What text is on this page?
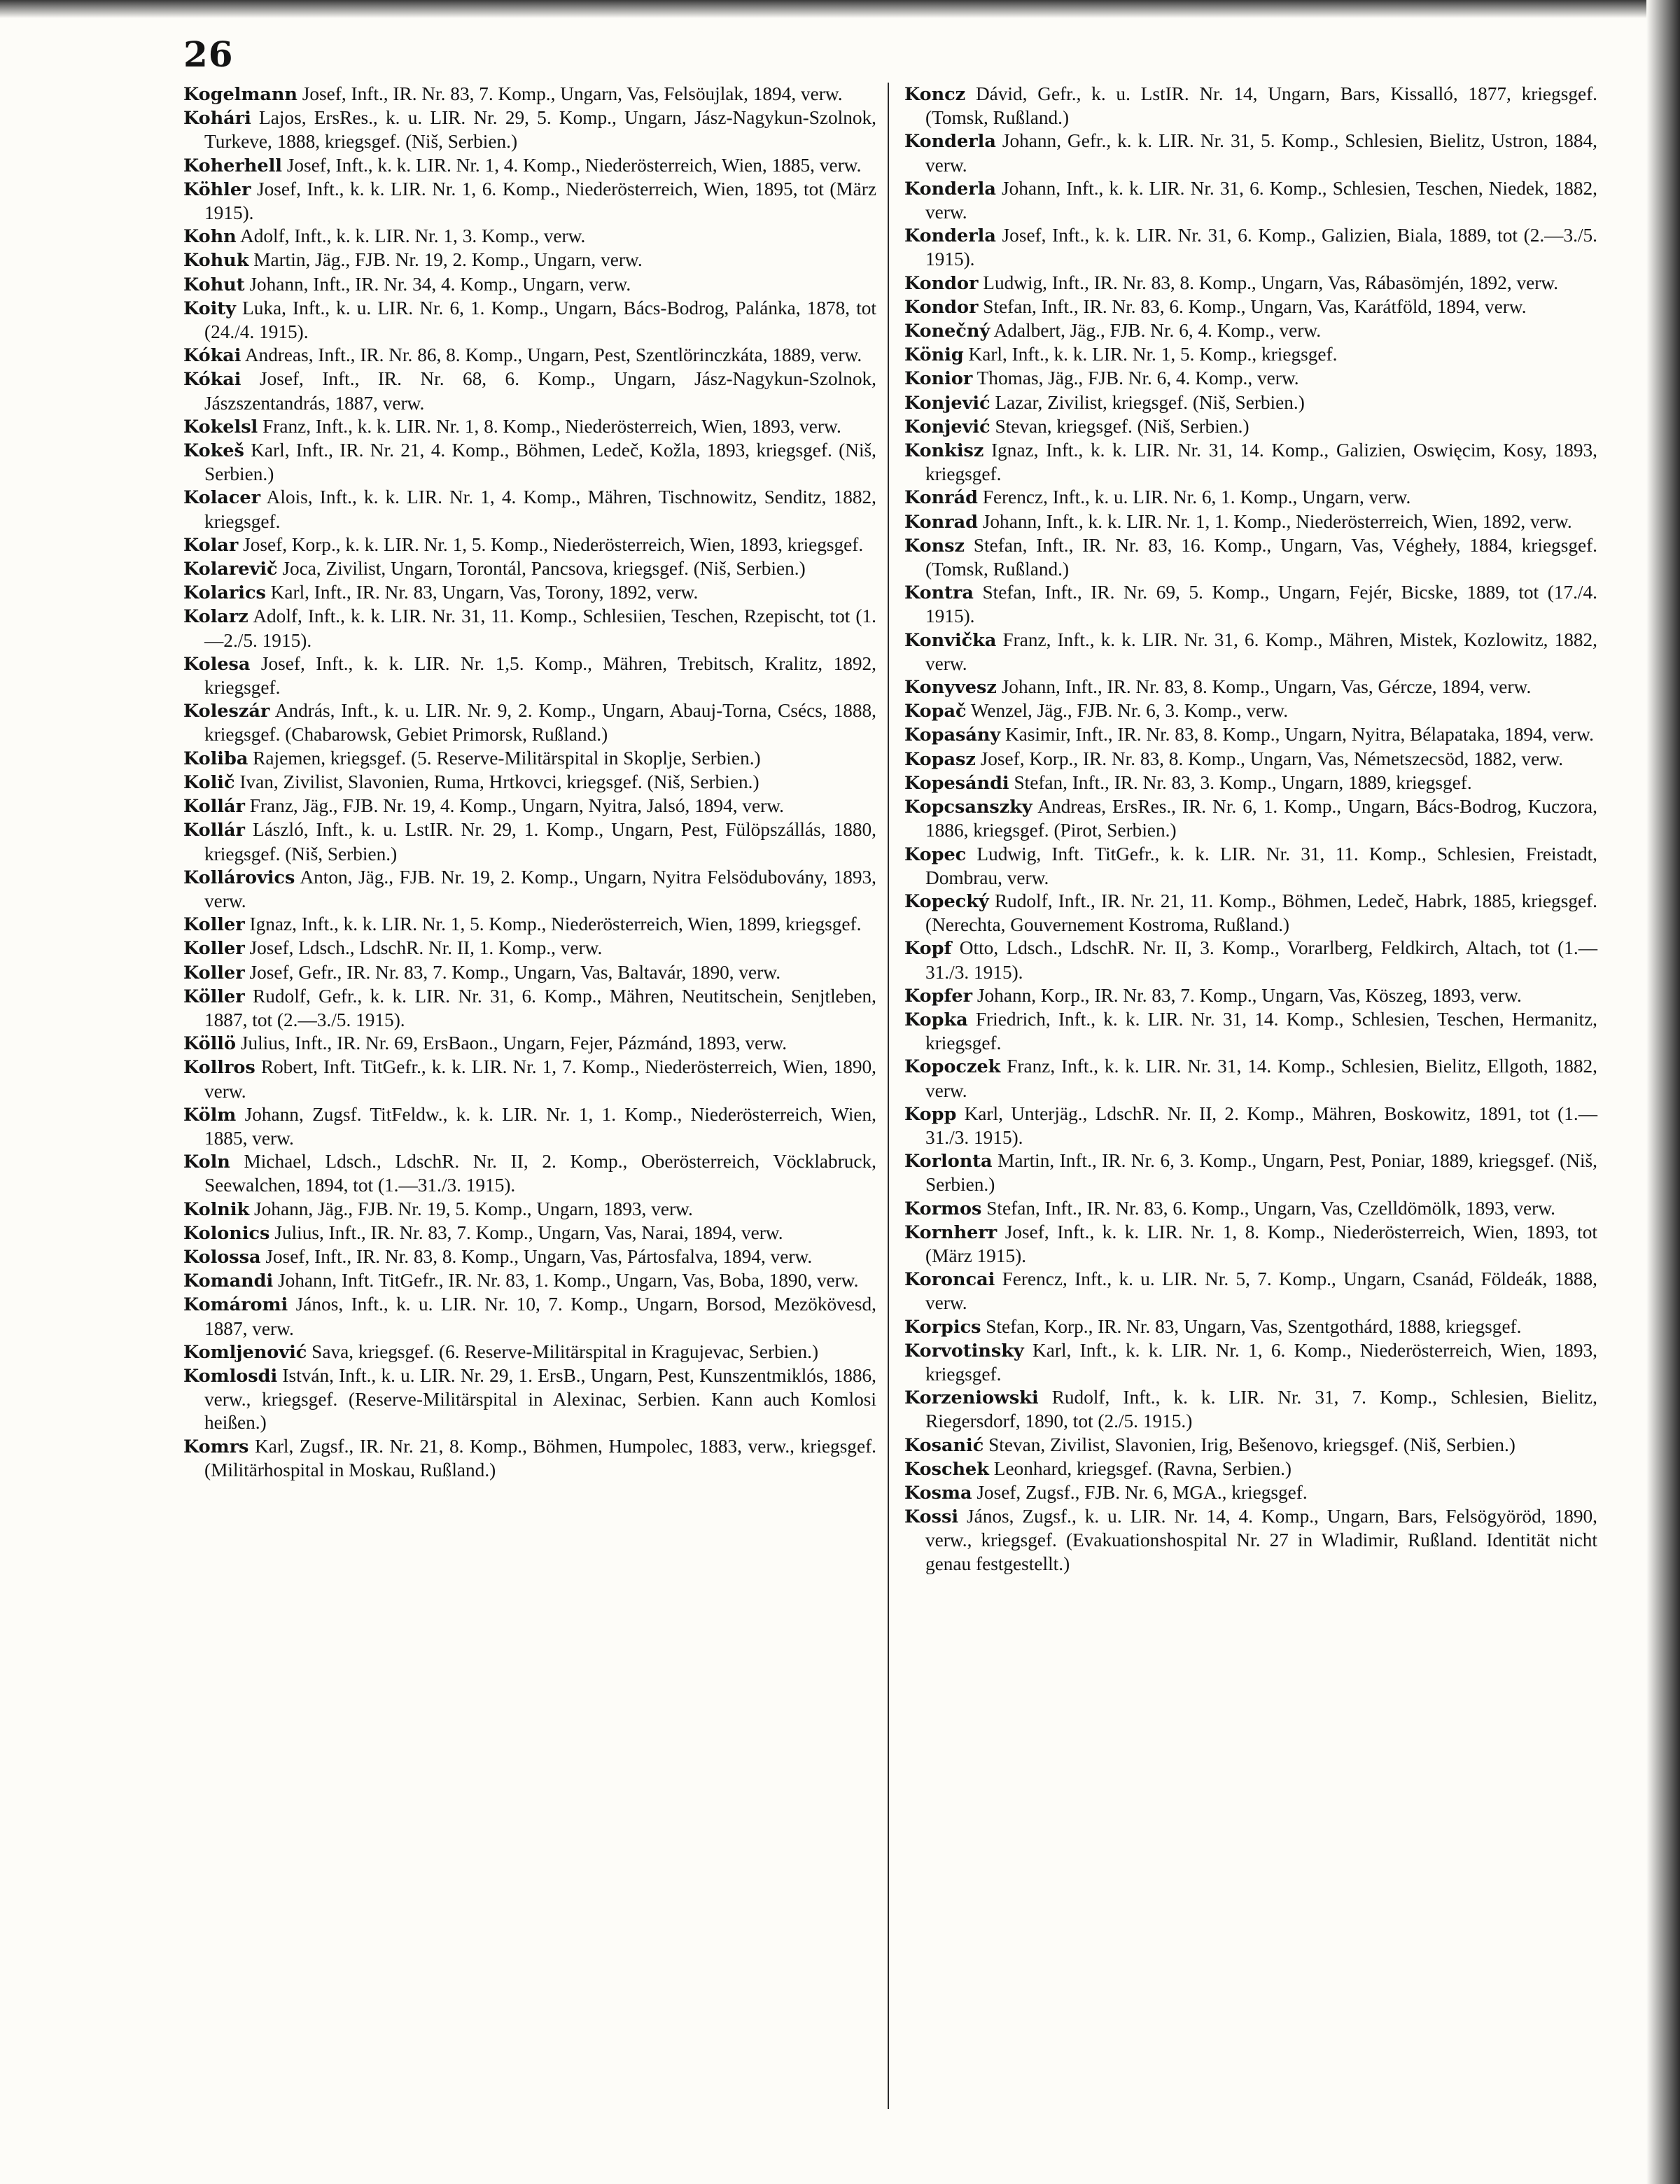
26

Kogelmann Josef, Inft., IR. Nr. 83, 7. Komp., Ungarn, Vas, Felsöujlak, 1894, verw.

Kohári Lajos, ErsRes., k. u. LIR. Nr. 29, 5. Komp., Ungarn, Jász-Nagykun-Szolnok, Turkeve, 1888, kriegsgef. (Niš, Serbien.)

Koherhell Josef, Inft., k. k. LIR. Nr. 1, 4. Komp., Niederösterreich, Wien, 1885, verw.

Köhler Josef, Inft., k. k. LIR. Nr. 1, 6. Komp., Niederösterreich, Wien, 1895, tot (März 1915).

Kohn Adolf, Inft., k. k. LIR. Nr. 1, 3. Komp., verw.

Kohuk Martin, Jäg., FJB. Nr. 19, 2. Komp., Ungarn, verw.

Kohut Johann, Inft., IR. Nr. 34, 4. Komp., Ungarn, verw.

Koity Luka, Inft., k. u. LIR. Nr. 6, 1. Komp., Ungarn, Bács-Bodrog, Palánka, 1878, tot (24./4. 1915).

Kókai Andreas, Inft., IR. Nr. 86, 8. Komp., Ungarn, Pest, Szentlörinczkáta, 1889, verw.

Kókai Josef, Inft., IR. Nr. 68, 6. Komp., Ungarn, Jász-Nagykun-Szolnok, Jászszentandrás, 1887, verw.

Kokelsl Franz, Inft., k. k. LIR. Nr. 1, 8. Komp., Niederösterreich, Wien, 1893, verw.

Kokeš Karl, Inft., IR. Nr. 21, 4. Komp., Böhmen, Ledeč, Kožla, 1893, kriegsgef. (Niš, Serbien.)

Kolacer Alois, Inft., k. k. LIR. Nr. 1, 4. Komp., Mähren, Tischnowitz, Senditz, 1882, kriegsgef.

Kolar Josef, Korp., k. k. LIR. Nr. 1, 5. Komp., Niederösterreich, Wien, 1893, kriegsgef.

Kolarevič Joca, Zivilist, Ungarn, Torontál, Pancsova, kriegsgef. (Niš, Serbien.)

Kolarics Karl, Inft., IR. Nr. 83, Ungarn, Vas, Torony, 1892, verw.

Kolarz Adolf, Inft., k. k. LIR. Nr. 31, 11. Komp., Schlesiien, Teschen, Rzepischt, tot (1.—2./5. 1915).

Kolesa Josef, Inft., k. k. LIR. Nr. 1,5. Komp., Mähren, Trebitsch, Kralitz, 1892, kriegsgef.

Koleszár András, Inft., k. u. LIR. Nr. 9, 2. Komp., Ungarn, Abauj-Torna, Csécs, 1888, kriegsgef. (Chabarowsk, Gebiet Primorsk, Rußland.)

Koliba Rajemen, kriegsgef. (5. Reserve-Militärspital in Skoplje, Serbien.)

Količ Ivan, Zivilist, Slavonien, Ruma, Hrtkovci, kriegsgef. (Niš, Serbien.)

Kollár Franz, Jäg., FJB. Nr. 19, 4. Komp., Ungarn, Nyitra, Jalsó, 1894, verw.

Kollár László, Inft., k. u. LstIR. Nr. 29, 1. Komp., Ungarn, Pest, Fülöpszállás, 1880, kriegsgef. (Niš, Serbien.)

Kollárovics Anton, Jäg., FJB. Nr. 19, 2. Komp., Ungarn, Nyitra Felsödubovány, 1893, verw.

Koller Ignaz, Inft., k. k. LIR. Nr. 1, 5. Komp., Niederösterreich, Wien, 1899, kriegsgef.

Koller Josef, Ldsch., LdschR. Nr. II, 1. Komp., verw.

Koller Josef, Gefr., IR. Nr. 83, 7. Komp., Ungarn, Vas, Baltavár, 1890, verw.

Köller Rudolf, Gefr., k. k. LIR. Nr. 31, 6. Komp., Mähren, Neutitschein, Senjtleben, 1887, tot (2.—3./5. 1915).

Köllö Julius, Inft., IR. Nr. 69, ErsBaon., Ungarn, Fejer, Pázmánd, 1893, verw.

Kollros Robert, Inft. TitGefr., k. k. LIR. Nr. 1, 7. Komp., Niederösterreich, Wien, 1890, verw.

Kölm Johann, Zugsf. TitFeldw., k. k. LIR. Nr. 1, 1. Komp., Niederösterreich, Wien, 1885, verw.

Koln Michael, Ldsch., LdschR. Nr. II, 2. Komp., Oberösterreich, Vöcklabruck, Seewalchen, 1894, tot (1.—31./3. 1915).

Kolnik Johann, Jäg., FJB. Nr. 19, 5. Komp., Ungarn, 1893, verw.

Kolonics Julius, Inft., IR. Nr. 83, 7. Komp., Ungarn, Vas, Narai, 1894, verw.

Kolossa Josef, Inft., IR. Nr. 83, 8. Komp., Ungarn, Vas, Pártosfalva, 1894, verw.

Komandi Johann, Inft. TitGefr., IR. Nr. 83, 1. Komp., Ungarn, Vas, Boba, 1890, verw.

Komáromi János, Inft., k. u. LIR. Nr. 10, 7. Komp., Ungarn, Borsod, Mezökövesd, 1887, verw.

Komljenović Sava, kriegsgef. (6. Reserve-Militärspital in Kragujevac, Serbien.)

Komlosdi István, Inft., k. u. LIR. Nr. 29, 1. ErsB., Ungarn, Pest, Kunszentmiklós, 1886, verw., kriegsgef. (Reserve-Militärspital in Alexinac, Serbien. Kann auch Komlosi heißen.)

Komrs Karl, Zugsf., IR. Nr. 21, 8. Komp., Böhmen, Humpolec, 1883, verw., kriegsgef. (Militärhospital in Moskau, Rußland.)

Koncz Dávid, Gefr., k. u. LstIR. Nr. 14, Ungarn, Bars, Kissalló, 1877, kriegsgef. (Tomsk, Rußland.)

Konderla Johann, Gefr., k. k. LIR. Nr. 31, 5. Komp., Schlesien, Bielitz, Ustron, 1884, verw.

Konderla Johann, Inft., k. k. LIR. Nr. 31, 6. Komp., Schlesien, Teschen, Niedek, 1882, verw.

Konderla Josef, Inft., k. k. LIR. Nr. 31, 6. Komp., Galizien, Biala, 1889, tot (2.—3./5. 1915).

Kondor Ludwig, Inft., IR. Nr. 83, 8. Komp., Ungarn, Vas, Rábasömjén, 1892, verw.

Kondor Stefan, Inft., IR. Nr. 83, 6. Komp., Ungarn, Vas, Karátföld, 1894, verw.

Konečný Adalbert, Jäg., FJB. Nr. 6, 4. Komp., verw.

König Karl, Inft., k. k. LIR. Nr. 1, 5. Komp., kriegsgef.

Konior Thomas, Jäg., FJB. Nr. 6, 4. Komp., verw.

Konjević Lazar, Zivilist, kriegsgef. (Niš, Serbien.)

Konjević Stevan, kriegsgef. (Niš, Serbien.)

Konkisz Ignaz, Inft., k. k. LIR. Nr. 31, 14. Komp., Galizien, Oswięcim, Kosy, 1893, kriegsgef.

Konrád Ferencz, Inft., k. u. LIR. Nr. 6, 1. Komp., Ungarn, verw.

Konrad Johann, Inft., k. k. LIR. Nr. 1, 1. Komp., Niederösterreich, Wien, 1892, verw.

Konsz Stefan, Inft., IR. Nr. 83, 16. Komp., Ungarn, Vas, Végheły, 1884, kriegsgef. (Tomsk, Rußland.)

Kontra Stefan, Inft., IR. Nr. 69, 5. Komp., Ungarn, Fejér, Bicske, 1889, tot (17./4. 1915).

Konvička Franz, Inft., k. k. LIR. Nr. 31, 6. Komp., Mähren, Mistek, Kozlowitz, 1882, verw.

Konyvesz Johann, Inft., IR. Nr. 83, 8. Komp., Ungarn, Vas, Gércze, 1894, verw.

Kopač Wenzel, Jäg., FJB. Nr. 6, 3. Komp., verw.

Kopasány Kasimir, Inft., IR. Nr. 83, 8. Komp., Ungarn, Nyitra, Bélapataka, 1894, verw.

Kopasz Josef, Korp., IR. Nr. 83, 8. Komp., Ungarn, Vas, Németszecsöd, 1882, verw.

Kopesándi Stefan, Inft., IR. Nr. 83, 3. Komp., Ungarn, 1889, kriegsgef.

Kopcsanszky Andreas, ErsRes., IR. Nr. 6, 1. Komp., Ungarn, Bács-Bodrog, Kuczora, 1886, kriegsgef. (Pirot, Serbien.)

Kopec Ludwig, Inft. TitGefr., k. k. LIR. Nr. 31, 11. Komp., Schlesien, Freistadt, Dombrau, verw.

Kopecký Rudolf, Inft., IR. Nr. 21, 11. Komp., Böhmen, Ledeč, Habrk, 1885, kriegsgef. (Nerechta, Gouvernement Kostroma, Rußland.)

Kopf Otto, Ldsch., LdschR. Nr. II, 3. Komp., Vorarlberg, Feldkirch, Altach, tot (1.—31./3. 1915).

Kopfer Johann, Korp., IR. Nr. 83, 7. Komp., Ungarn, Vas, Köszeg, 1893, verw.

Kopka Friedrich, Inft., k. k. LIR. Nr. 31, 14. Komp., Schlesien, Teschen, Hermanitz, kriegsgef.

Kopoczek Franz, Inft., k. k. LIR. Nr. 31, 14. Komp., Schlesien, Bielitz, Ellgoth, 1882, verw.

Kopp Karl, Unterjäg., LdschR. Nr. II, 2. Komp., Mähren, Boskowitz, 1891, tot (1.—31./3. 1915).

Korlonta Martin, Inft., IR. Nr. 6, 3. Komp., Ungarn, Pest, Poniar, 1889, kriegsgef. (Niš, Serbien.)

Kormos Stefan, Inft., IR. Nr. 83, 6. Komp., Ungarn, Vas, Czelldömölk, 1893, verw.

Kornherr Josef, Inft., k. k. LIR. Nr. 1, 8. Komp., Niederösterreich, Wien, 1893, tot (März 1915).

Koroncai Ferencz, Inft., k. u. LIR. Nr. 5, 7. Komp., Ungarn, Csanád, Földeák, 1888, verw.

Korpics Stefan, Korp., IR. Nr. 83, Ungarn, Vas, Szentgothárd, 1888, kriegsgef.

Korvotinsky Karl, Inft., k. k. LIR. Nr. 1, 6. Komp., Niederösterreich, Wien, 1893, kriegsgef.

Korzeniowski Rudolf, Inft., k. k. LIR. Nr. 31, 7. Komp., Schlesien, Bielitz, Riegersdorf, 1890, tot (2./5. 1915.)

Kosanić Stevan, Zivilist, Slavonien, Irig, Bešenovo, kriegsgef. (Niš, Serbien.)

Koschek Leonhard, kriegsgef. (Ravna, Serbien.)

Kosma Josef, Zugsf., FJB. Nr. 6, MGA., kriegsgef.

Kossi János, Zugsf., k. u. LIR. Nr. 14, 4. Komp., Ungarn, Bars, Felsögyöröd, 1890, verw., kriegsgef. (Evakuationshospital Nr. 27 in Wladimir, Rußland. Identität nicht genau festgestellt.)
